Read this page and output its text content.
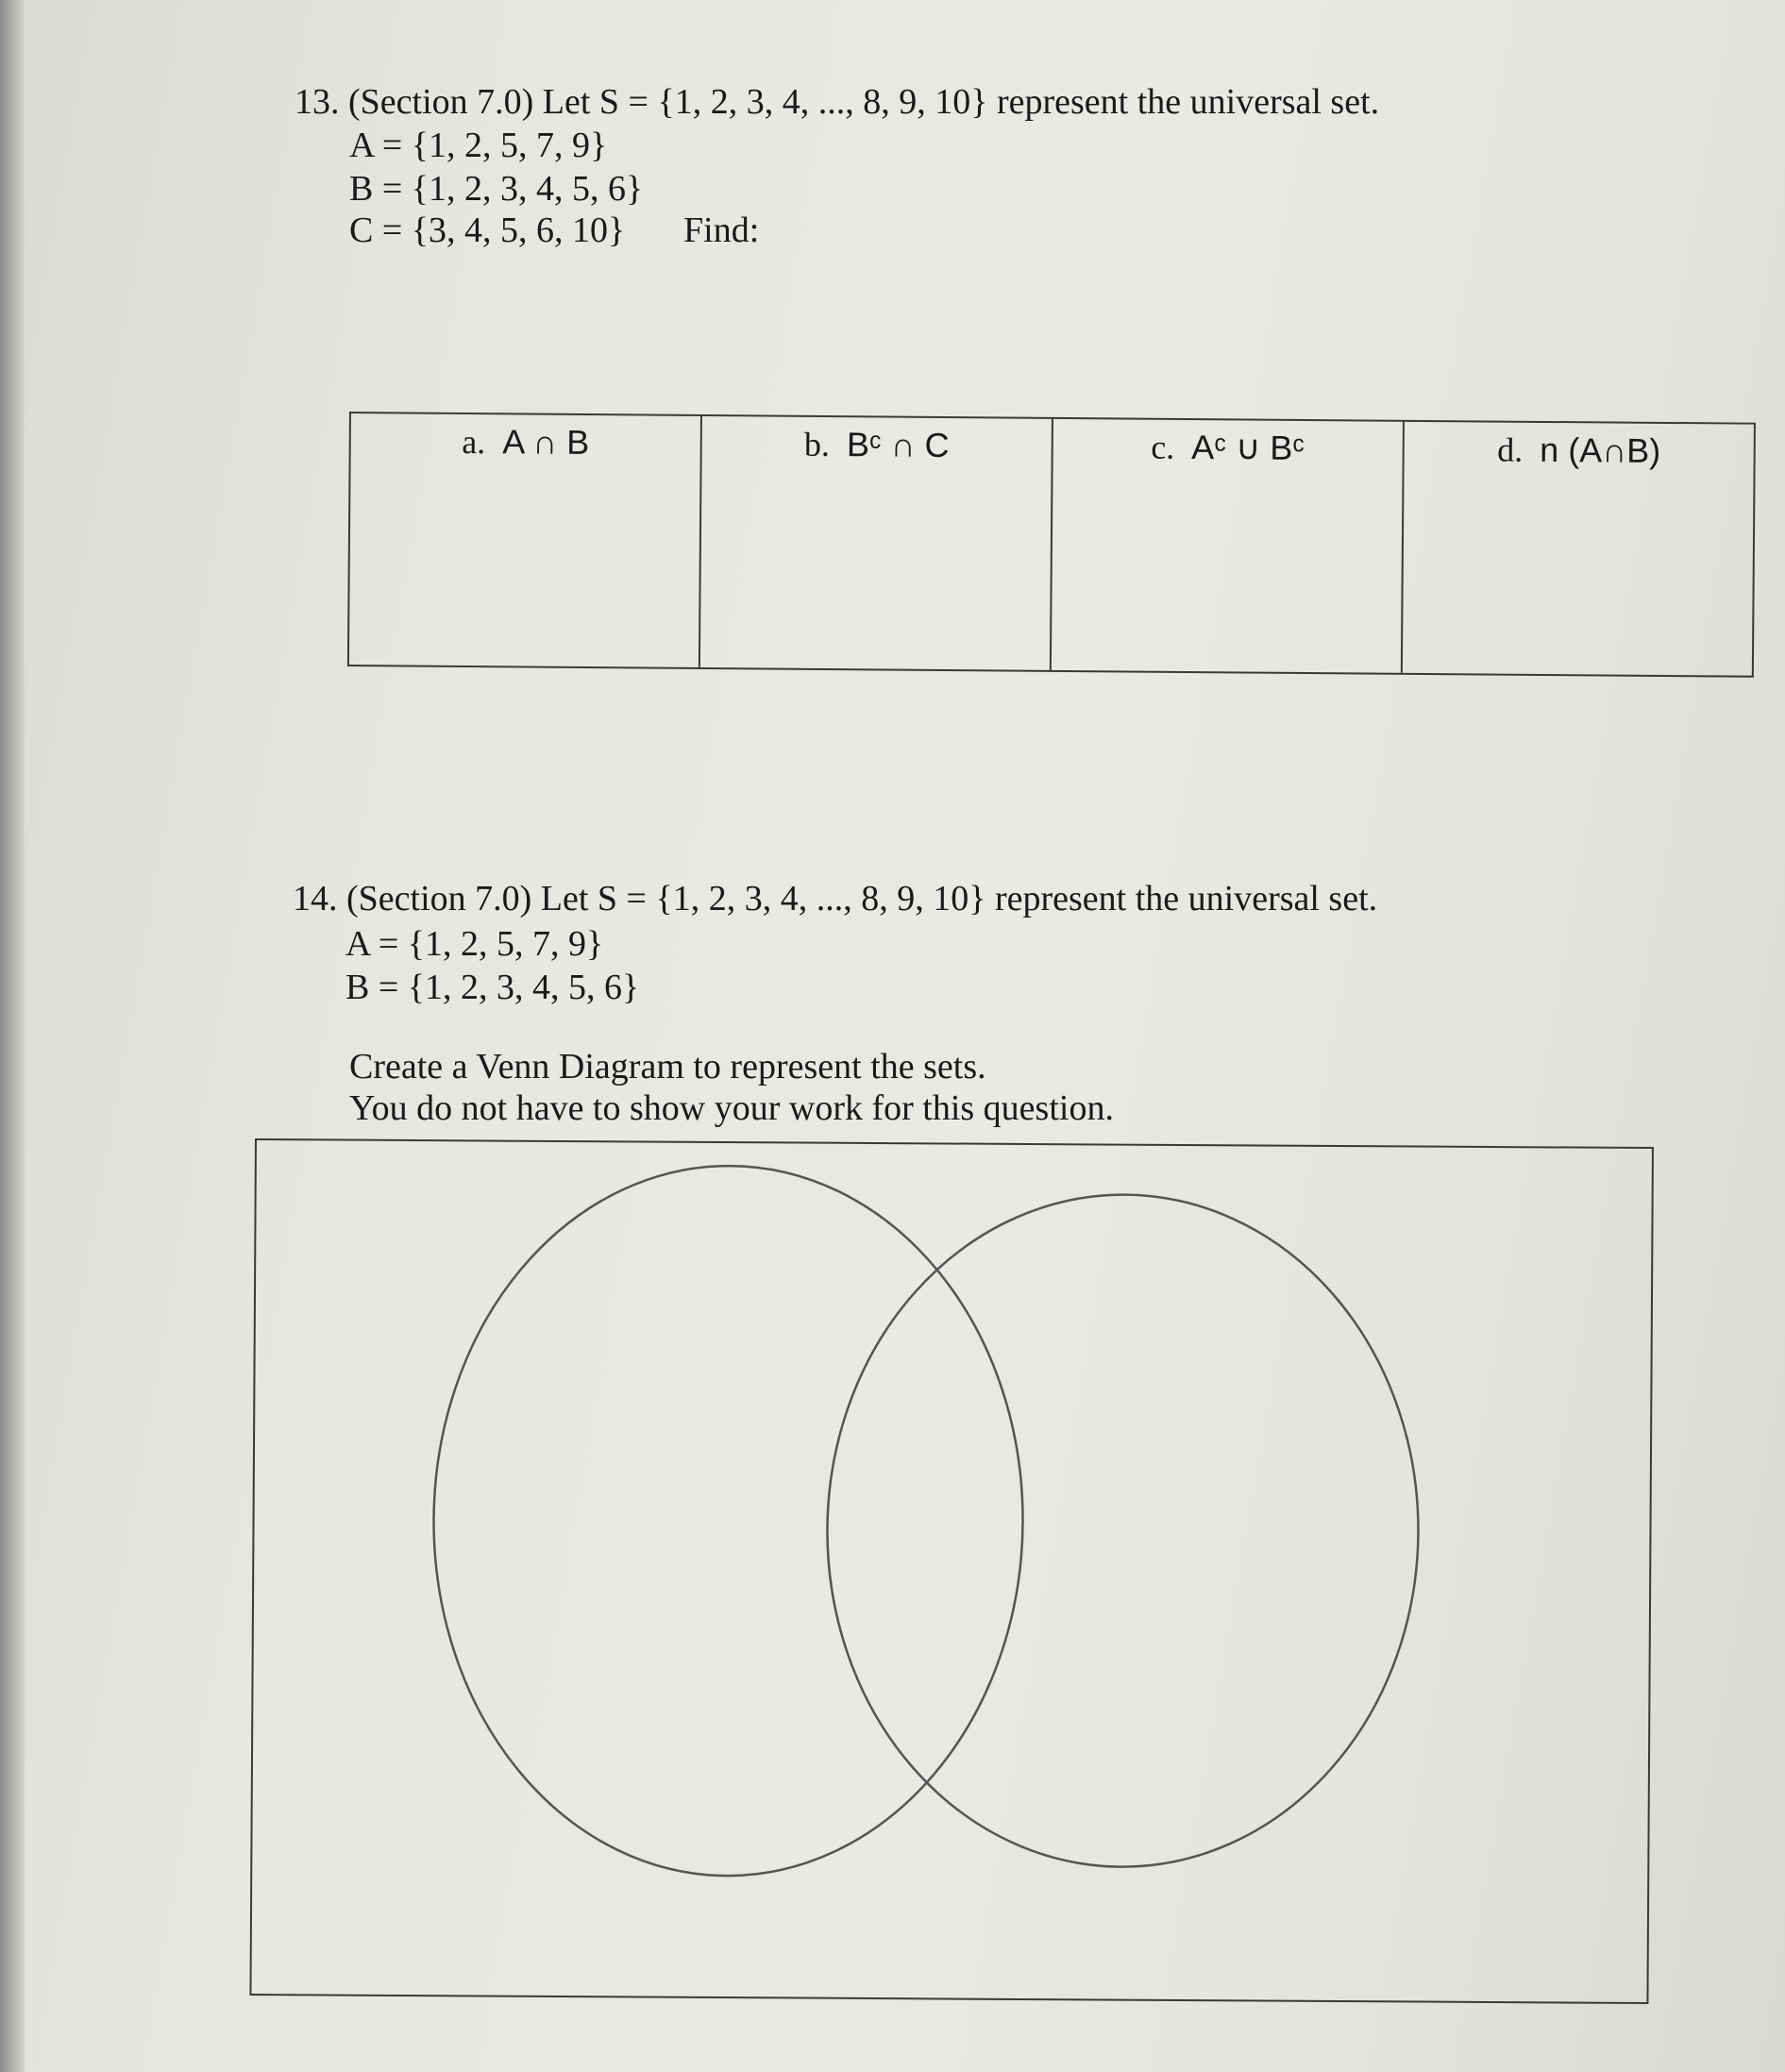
13. (Section 7.0) Let S = {1, 2, 3, 4, ..., 8, 9, 10} represent the universal set.
A = {1, 2, 5, 7, 9}
B = {1, 2, 3, 4, 5, 6}
C = {3, 4, 5, 6, 10} Find:
a. A ∩ B	b. Bᶜ ∩ C	c. Aᶜ ∪ Bᶜ	d. n (A∩B)
14. (Section 7.0) Let S = {1, 2, 3, 4, ..., 8, 9, 10} represent the universal set.
A = {1, 2, 5, 7, 9}
B = {1, 2, 3, 4, 5, 6}
Create a Venn Diagram to represent the sets.
You do not have to show your work for this question.
